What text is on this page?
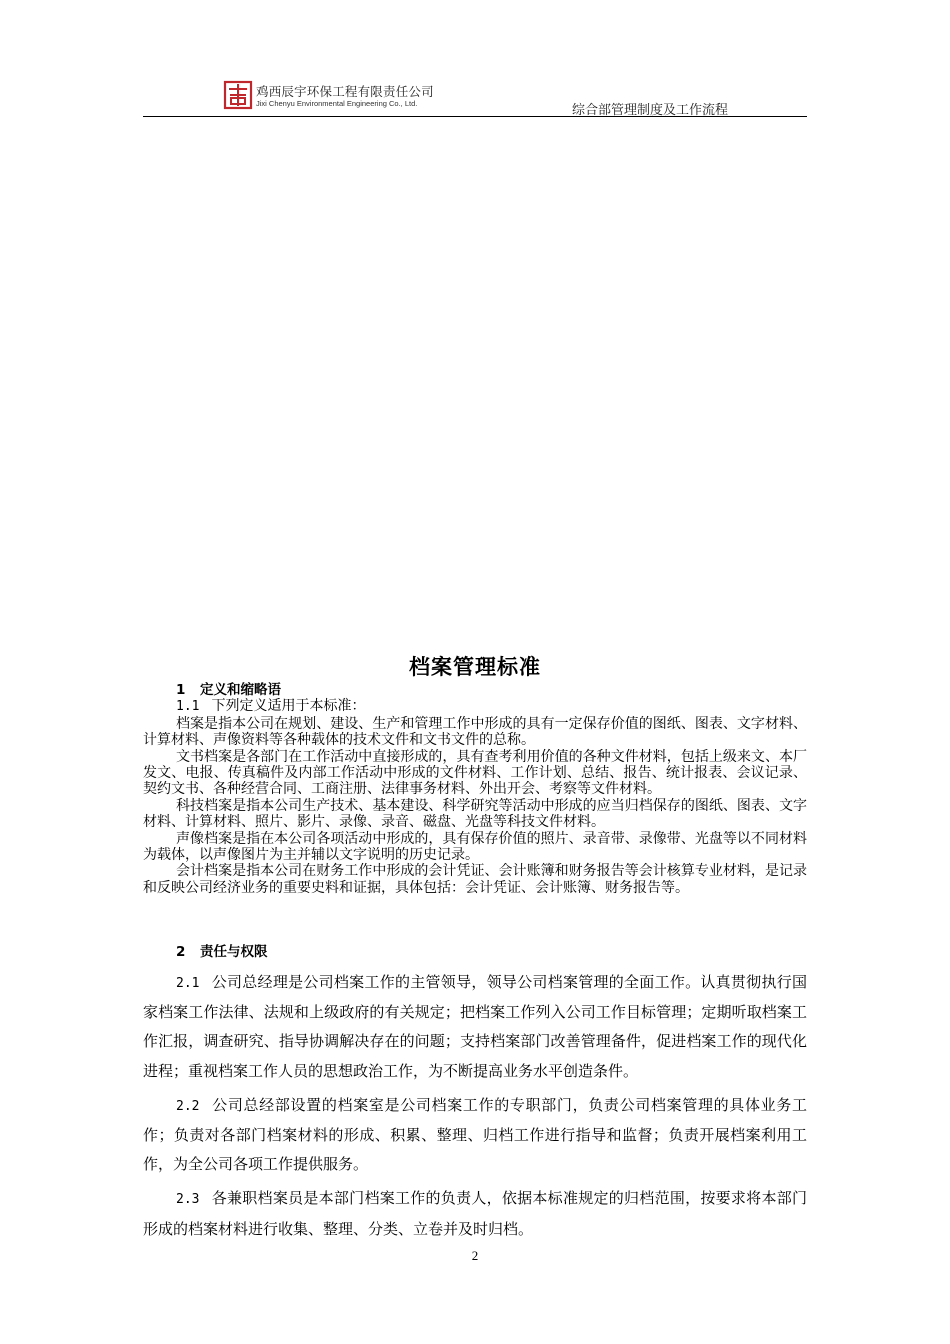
鸡西辰宇环保工程有限责任公司
Jixi Chenyu Environmental Engineering Co., Ltd.	综合部管理制度及工作流程
档案管理标准

1 定义和缩略语

1.1 下列定义适用于本标准：

档案是指本公司在规划、建设、生产和管理工作中形成的具有一定保存价值的图纸、图表、文字材料、计算材料、声像资料等各种载体的技术文件和文书文件的总称。

文书档案是各部门在工作活动中直接形成的，具有查考利用价值的各种文件材料，包括上级来文、本厂发文、电报、传真稿件及内部工作活动中形成的文件材料、工作计划、总结、报告、统计报表、会议记录、契约文书、各种经营合同、工商注册、法律事务材料、外出开会、考察等文件材料。

科技档案是指本公司生产技术、基本建设、科学研究等活动中形成的应当归档保存的图纸、图表、文字材料、计算材料、照片、影片、录像、录音、磁盘、光盘等科技文件材料。

声像档案是指在本公司各项活动中形成的，具有保存价值的照片、录音带、录像带、光盘等以不同材料为载体，以声像图片为主并辅以文字说明的历史记录。

会计档案是指本公司在财务工作中形成的会计凭证、会计账簿和财务报告等会计核算专业材料，是记录和反映公司经济业务的重要史料和证据，具体包括：会计凭证、会计账簿、财务报告等。

2 责任与权限

2.1 公司总经理是公司档案工作的主管领导，领导公司档案管理的全面工作。认真贯彻执行国家档案工作法律、法规和上级政府的有关规定；把档案工作列入公司工作目标管理；定期听取档案工作汇报，调查研究、指导协调解决存在的问题；支持档案部门改善管理备件，促进档案工作的现代化进程；重视档案工作人员的思想政治工作，为不断提高业务水平创造条件。

2.2 公司总经部设置的档案室是公司档案工作的专职部门，负责公司档案管理的具体业务工作；负责对各部门档案材料的形成、积累、整理、归档工作进行指导和监督；负责开展档案利用工作，为全公司各项工作提供服务。

2.3 各兼职档案员是本部门档案工作的负责人，依据本标准规定的归档范围，按要求将本部门形成的档案材料进行收集、整理、分类、立卷并及时归档。

2
